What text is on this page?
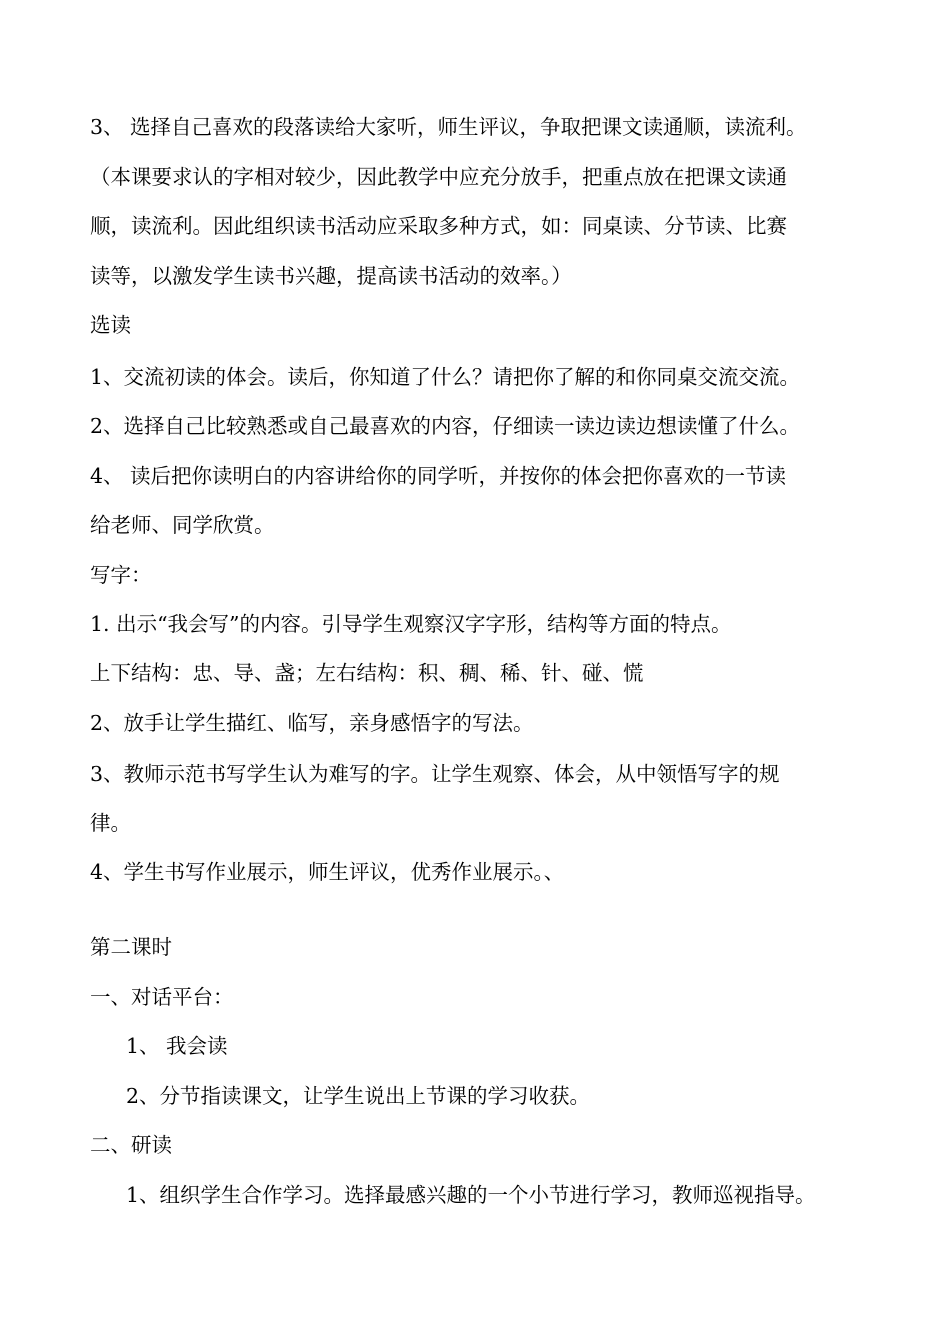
3、 选择自己喜欢的段落读给大家听，师生评议，争取把课文读通顺，读流利。
（本课要求认的字相对较少，因此教学中应充分放手，把重点放在把课文读通
顺，读流利。因此组织读书活动应采取多种方式，如：同桌读、分节读、比赛
读等，以激发学生读书兴趣，提高读书活动的效率。）
选读
1、交流初读的体会。读后，你知道了什么？请把你了解的和你同桌交流交流。
2、选择自己比较熟悉或自己最喜欢的内容，仔细读一读边读边想读懂了什么。
4、 读后把你读明白的内容讲给你的同学听，并按你的体会把你喜欢的一节读
给老师、同学欣赏。
写字：
1. 出示“我会写”的内容。引导学生观察汉字字形，结构等方面的特点。
上下结构：忠、导、盏；左右结构：积、稠、稀、针、碰、慌
2、放手让学生描红、临写，亲身感悟字的写法。
3、教师示范书写学生认为难写的字。让学生观察、体会，从中领悟写字的规
律。
4、学生书写作业展示，师生评议，优秀作业展示。、
第二课时
一、对话平台：
1、 我会读
2、分节指读课文，让学生说出上节课的学习收获。
二、研读
1、组织学生合作学习。选择最感兴趣的一个小节进行学习，教师巡视指导。
